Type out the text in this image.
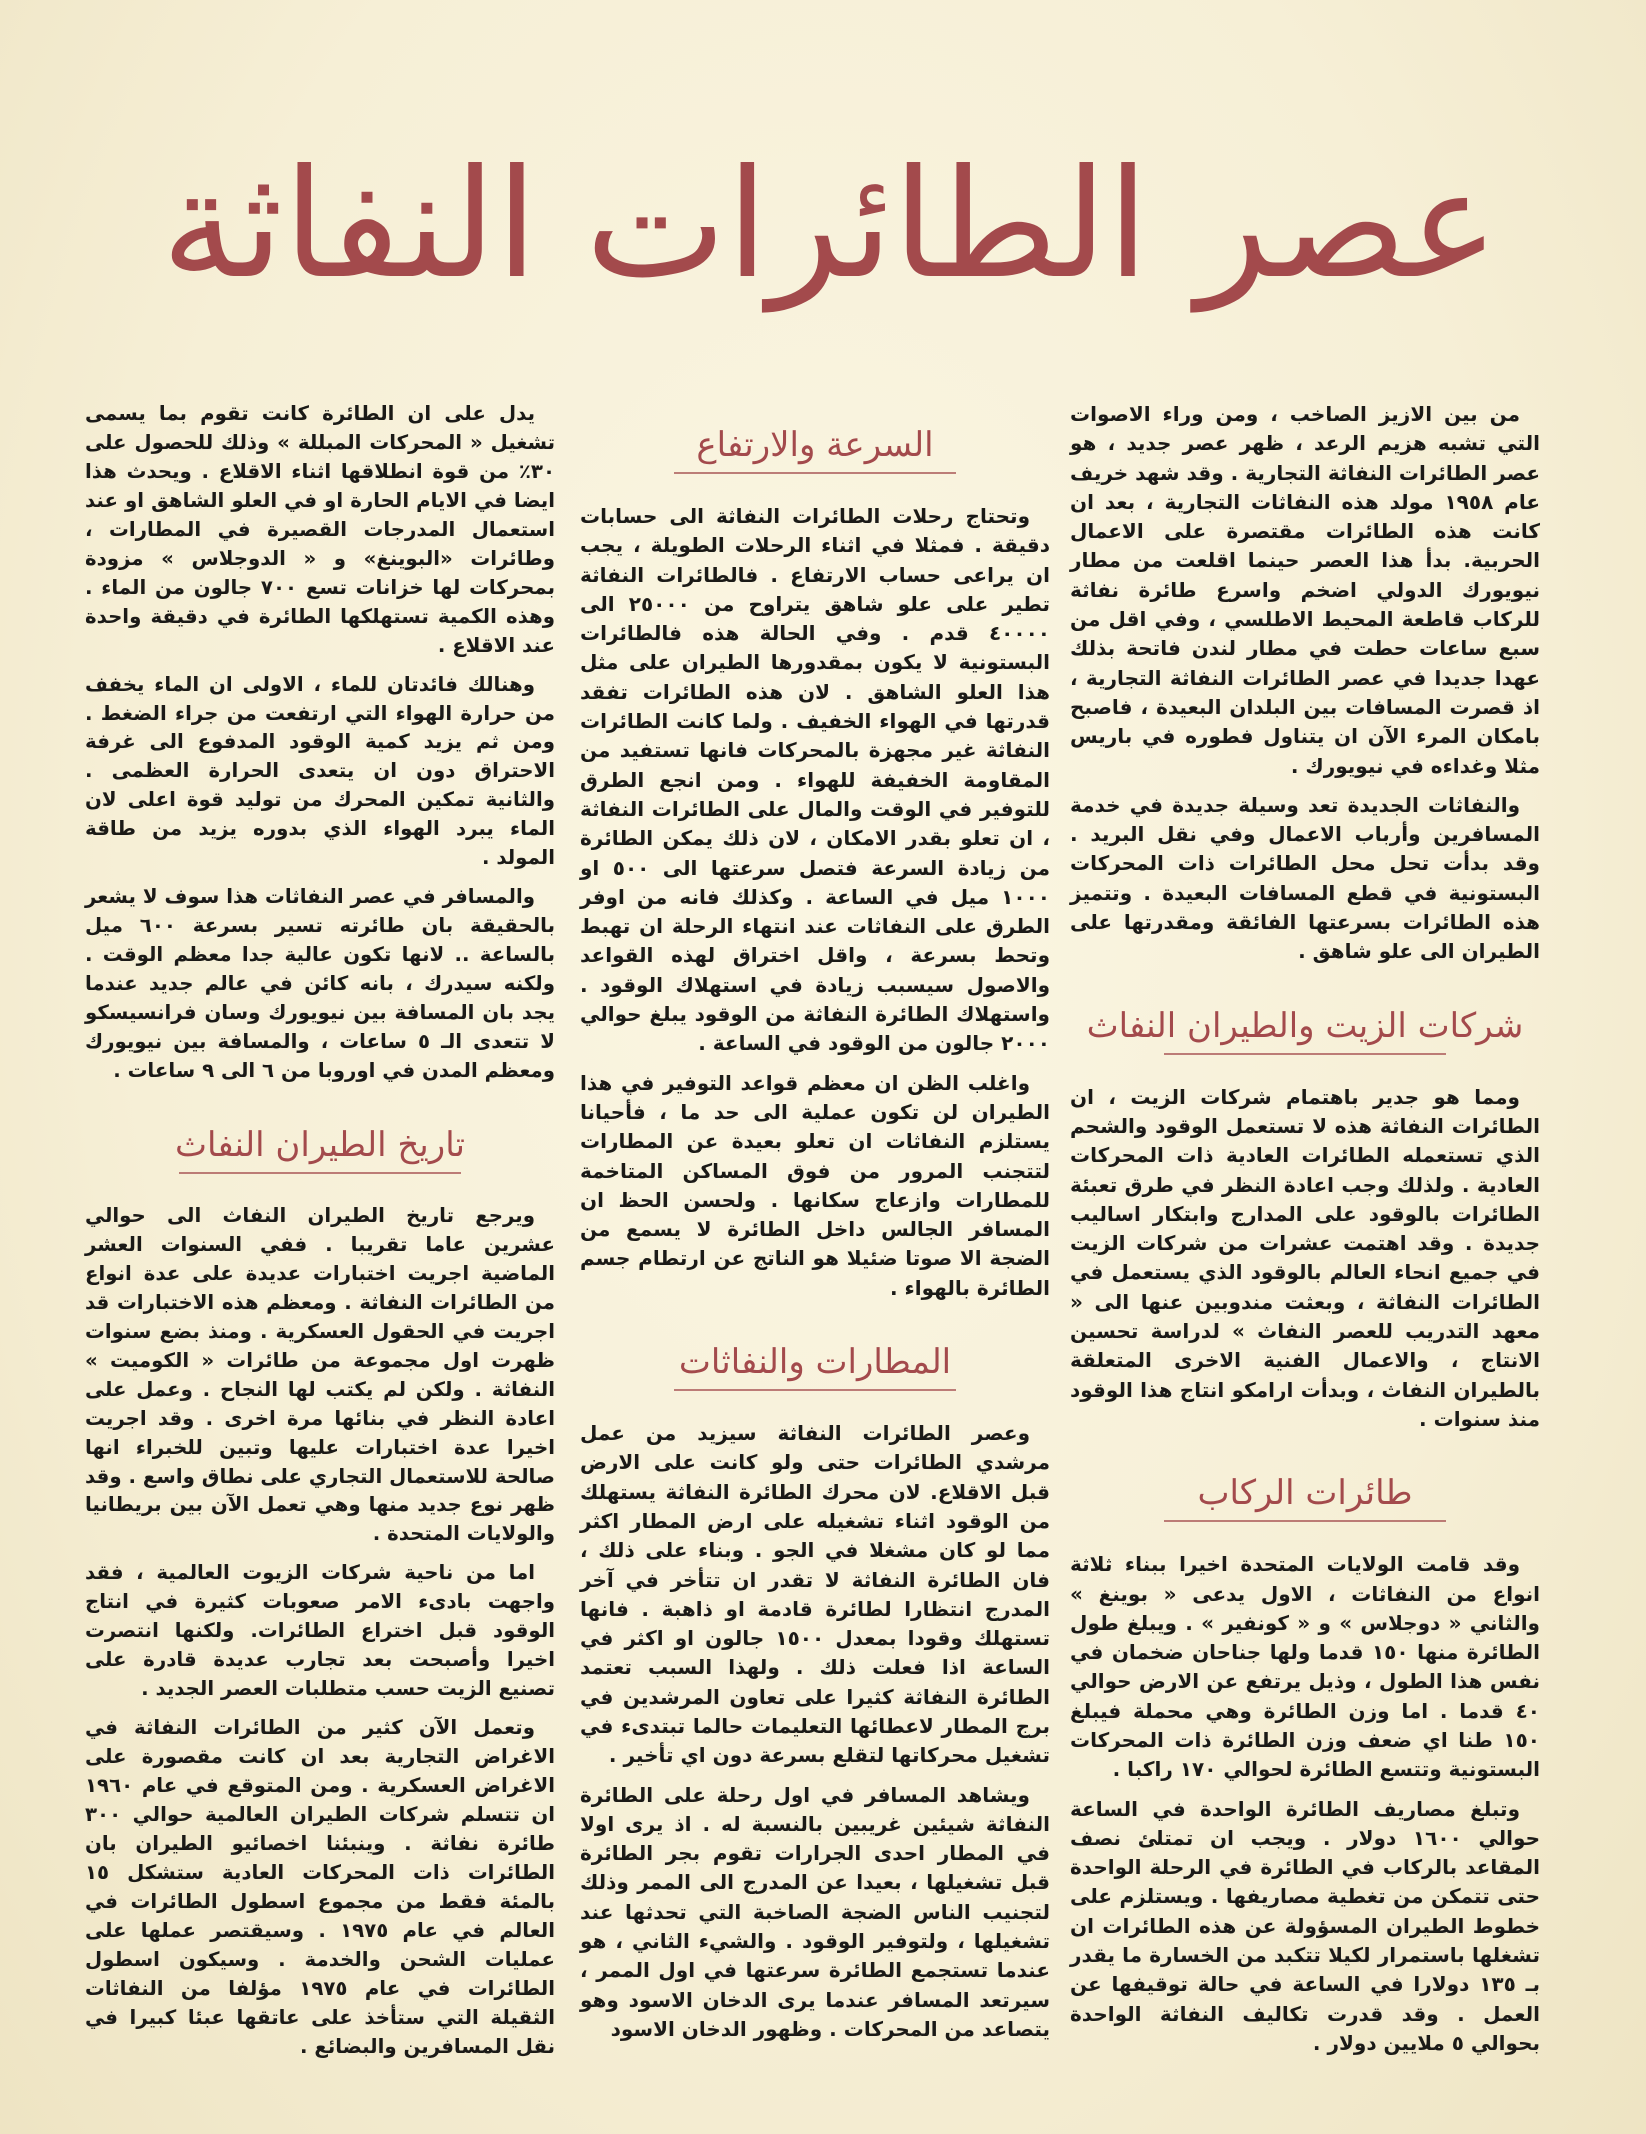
عصر الطائرات النفاثة

من بين الازيز الصاخب ، ومن وراء الاصوات التي تشبه هزيم الرعد ، ظهر عصر جديد ، هو عصر الطائرات النفاثة التجارية . وقد شهد خريف عام ١٩٥٨ مولد هذه النفاثات التجارية ، بعد ان كانت هذه الطائرات مقتصرة على الاعمال الحربية. بدأ هذا العصر حينما اقلعت من مطار نيويورك الدولي اضخم واسرع طائرة نفاثة للركاب قاطعة المحيط الاطلسي ، وفي اقل من سبع ساعات حطت في مطار لندن فاتحة بذلك عهدا جديدا في عصر الطائرات النفاثة التجارية ، اذ قصرت المسافات بين البلدان البعيدة ، فاصبح بامكان المرء الآن ان يتناول فطوره في باريس مثلا وغداءه في نيويورك .

والنفاثات الجديدة تعد وسيلة جديدة في خدمة المسافرين وأرباب الاعمال وفي نقل البريد . وقد بدأت تحل محل الطائرات ذات المحركات البستونية في قطع المسافات البعيدة . وتتميز هذه الطائرات بسرعتها الفائقة ومقدرتها على الطيران الى علو شاهق .

شركات الزيت والطيران النفاث

ومما هو جدير باهتمام شركات الزيت ، ان الطائرات النفاثة هذه لا تستعمل الوقود والشحم الذي تستعمله الطائرات العادية ذات المحركات العادية . ولذلك وجب اعادة النظر في طرق تعبئة الطائرات بالوقود على المدارج وابتكار اساليب جديدة . وقد اهتمت عشرات من شركات الزيت في جميع انحاء العالم بالوقود الذي يستعمل في الطائرات النفاثة ، وبعثت مندوبين عنها الى « معهد التدريب للعصر النفاث » لدراسة تحسين الانتاج ، والاعمال الفنية الاخرى المتعلقة بالطيران النفاث ، وبدأت ارامكو انتاج هذا الوقود منذ سنوات .

طائرات الركاب

وقد قامت الولايات المتحدة اخيرا ببناء ثلاثة انواع من النفاثات ، الاول يدعى « بوينغ » والثاني « دوجلاس » و « كونفير » . ويبلغ طول الطائرة منها ١٥٠ قدما ولها جناحان ضخمان في نفس هذا الطول ، وذيل يرتفع عن الارض حوالي ٤٠ قدما . اما وزن الطائرة وهي محملة فيبلغ ١٥٠ طنا اي ضعف وزن الطائرة ذات المحركات البستونية وتتسع الطائرة لحوالي ١٧٠ راكبا .

وتبلغ مصاريف الطائرة الواحدة في الساعة حوالي ١٦٠٠ دولار . ويجب ان تمتلئ نصف المقاعد بالركاب في الطائرة في الرحلة الواحدة حتى تتمكن من تغطية مصاريفها . ويستلزم على خطوط الطيران المسؤولة عن هذه الطائرات ان تشغلها باستمرار لكيلا تتكبد من الخسارة ما يقدر بـ ١٣٥ دولارا في الساعة في حالة توقيفها عن العمل . وقد قدرت تكاليف النفاثة الواحدة بحوالي ٥ ملايين دولار .

السرعة والارتفاع

وتحتاج رحلات الطائرات النفاثة الى حسابات دقيقة . فمثلا في اثناء الرحلات الطويلة ، يجب ان يراعى حساب الارتفاع . فالطائرات النفاثة تطير على علو شاهق يتراوح من ٢٥٠٠٠ الى ٤٠٠٠٠ قدم . وفي الحالة هذه فالطائرات البستونية لا يكون بمقدورها الطيران على مثل هذا العلو الشاهق . لان هذه الطائرات تفقد قدرتها في الهواء الخفيف . ولما كانت الطائرات النفاثة غير مجهزة بالمحركات فانها تستفيد من المقاومة الخفيفة للهواء . ومن انجع الطرق للتوفير في الوقت والمال على الطائرات النفاثة ، ان تعلو بقدر الامكان ، لان ذلك يمكن الطائرة من زيادة السرعة فتصل سرعتها الى ٥٠٠ او ١٠٠٠ ميل في الساعة . وكذلك فانه من اوفر الطرق على النفاثات عند انتهاء الرحلة ان تهبط وتحط بسرعة ، واقل اختراق لهذه القواعد والاصول سيسبب زيادة في استهلاك الوقود . واستهلاك الطائرة النفاثة من الوقود يبلغ حوالي ٢٠٠٠ جالون من الوقود في الساعة .

واغلب الظن ان معظم قواعد التوفير في هذا الطيران لن تكون عملية الى حد ما ، فأحيانا يستلزم النفاثات ان تعلو بعيدة عن المطارات لتتجنب المرور من فوق المساكن المتاخمة للمطارات وازعاج سكانها . ولحسن الحظ ان المسافر الجالس داخل الطائرة لا يسمع من الضجة الا صوتا ضئيلا هو الناتج عن ارتطام جسم الطائرة بالهواء .

المطارات والنفاثات

وعصر الطائرات النفاثة سيزيد من عمل مرشدي الطائرات حتى ولو كانت على الارض قبل الاقلاع. لان محرك الطائرة النفاثة يستهلك من الوقود اثناء تشغيله على ارض المطار اكثر مما لو كان مشغلا في الجو . وبناء على ذلك ، فان الطائرة النفاثة لا تقدر ان تتأخر في آخر المدرج انتظارا لطائرة قادمة او ذاهبة . فانها تستهلك وقودا بمعدل ١٥٠٠ جالون او اكثر في الساعة اذا فعلت ذلك . ولهذا السبب تعتمد الطائرة النفاثة كثيرا على تعاون المرشدين في برج المطار لاعطائها التعليمات حالما تبتدىء في تشغيل محركاتها لتقلع بسرعة دون اي تأخير .

ويشاهد المسافر في اول رحلة على الطائرة النفاثة شيئين غريبين بالنسبة له . اذ يرى اولا في المطار احدى الجرارات تقوم بجر الطائرة قبل تشغيلها ، بعيدا عن المدرج الى الممر وذلك لتجنيب الناس الضجة الصاخبة التي تحدثها عند تشغيلها ، ولتوفير الوقود . والشيء الثاني ، هو عندما تستجمع الطائرة سرعتها في اول الممر ، سيرتعد المسافر عندما يرى الدخان الاسود وهو يتصاعد من المحركات . وظهور الدخان الاسود

يدل على ان الطائرة كانت تقوم بما يسمى تشغيل « المحركات المبللة » وذلك للحصول على ٣٠٪ من قوة انطلاقها اثناء الاقلاع . ويحدث هذا ايضا في الايام الحارة او في العلو الشاهق او عند استعمال المدرجات القصيرة في المطارات ، وطائرات «البوينغ» و « الدوجلاس » مزودة بمحركات لها خزانات تسع ٧٠٠ جالون من الماء . وهذه الكمية تستهلكها الطائرة في دقيقة واحدة عند الاقلاع .

وهنالك فائدتان للماء ، الاولى ان الماء يخفف من حرارة الهواء التي ارتفعت من جراء الضغط . ومن ثم يزيد كمية الوقود المدفوع الى غرفة الاحتراق دون ان يتعدى الحرارة العظمى . والثانية تمكين المحرك من توليد قوة اعلى لان الماء يبرد الهواء الذي بدوره يزيد من طاقة المولد .

والمسافر في عصر النفاثات هذا سوف لا يشعر بالحقيقة بان طائرته تسير بسرعة ٦٠٠ ميل بالساعة .. لانها تكون عالية جدا معظم الوقت . ولكنه سيدرك ، بانه كائن في عالم جديد عندما يجد بان المسافة بين نيويورك وسان فرانسيسكو لا تتعدى الـ ٥ ساعات ، والمسافة بين نيويورك ومعظم المدن في اوروبا من ٦ الى ٩ ساعات .

تاريخ الطيران النفاث

ويرجع تاريخ الطيران النفاث الى حوالي عشرين عاما تقريبا . ففي السنوات العشر الماضية اجريت اختبارات عديدة على عدة انواع من الطائرات النفاثة . ومعظم هذه الاختبارات قد اجريت في الحقول العسكرية . ومنذ بضع سنوات ظهرت اول مجموعة من طائرات « الكوميت » النفاثة . ولكن لم يكتب لها النجاح . وعمل على اعادة النظر في بنائها مرة اخرى . وقد اجريت اخيرا عدة اختبارات عليها وتبين للخبراء انها صالحة للاستعمال التجاري على نطاق واسع . وقد ظهر نوع جديد منها وهي تعمل الآن بين بريطانيا والولايات المتحدة .

اما من ناحية شركات الزيوت العالمية ، فقد واجهت بادىء الامر صعوبات كثيرة في انتاج الوقود قبل اختراع الطائرات. ولكنها انتصرت اخيرا وأصبحت بعد تجارب عديدة قادرة على تصنيع الزيت حسب متطلبات العصر الجديد .

وتعمل الآن كثير من الطائرات النفاثة في الاغراض التجارية بعد ان كانت مقصورة على الاغراض العسكرية . ومن المتوقع في عام ١٩٦٠ ان تتسلم شركات الطيران العالمية حوالي ٣٠٠ طائرة نفاثة . وينبئنا اخصائيو الطيران بان الطائرات ذات المحركات العادية ستشكل ١٥ بالمئة فقط من مجموع اسطول الطائرات في العالم في عام ١٩٧٥ . وسيقتصر عملها على عمليات الشحن والخدمة . وسيكون اسطول الطائرات في عام ١٩٧٥ مؤلفا من النفاثات الثقيلة التي ستأخذ على عاتقها عبئا كبيرا في نقل المسافرين والبضائع .
